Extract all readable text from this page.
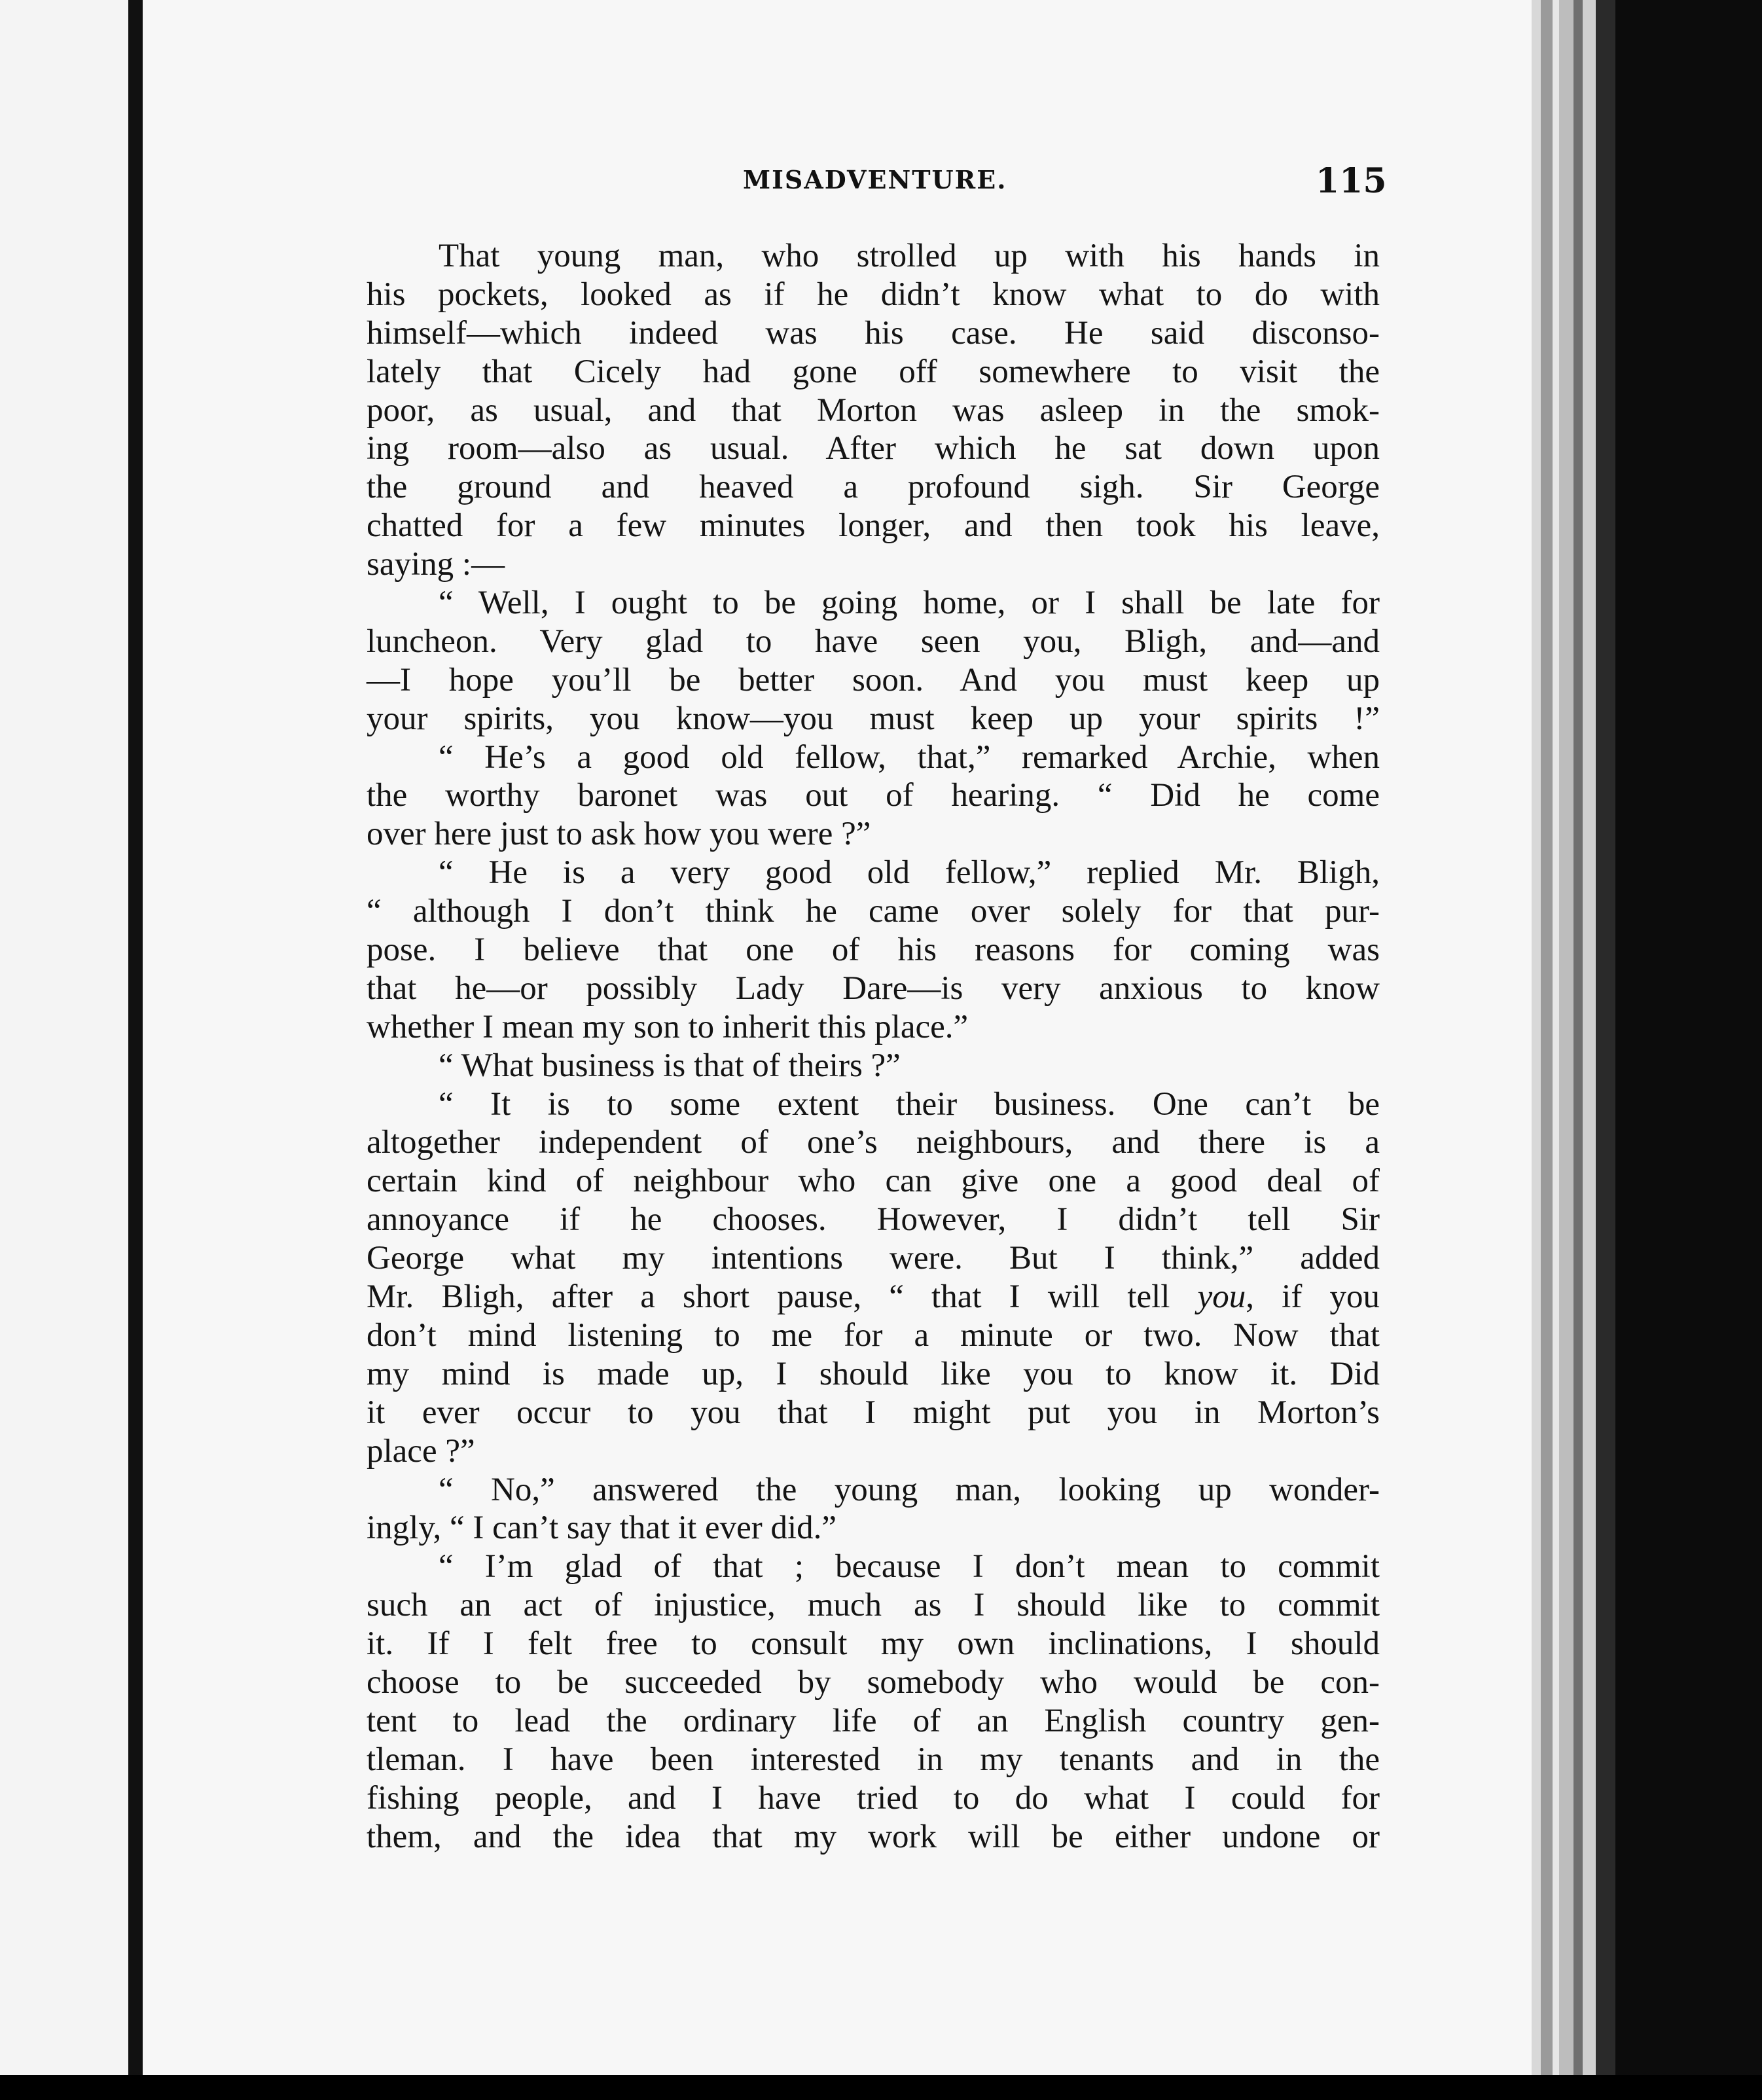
MISADVENTURE.	115
That young man, who strolled up with his hands in
his pockets, looked as if he didn’t know what to do with
himself—which indeed was his case. He said disconso-
lately that Cicely had gone off somewhere to visit the
poor, as usual, and that Morton was asleep in the smok-
ing room—also as usual. After which he sat down upon
the ground and heaved a profound sigh. Sir George
chatted for a few minutes longer, and then took his leave,
saying :—
“ Well, I ought to be going home, or I shall be late for
luncheon. Very glad to have seen you, Bligh, and—and
—I hope you’ll be better soon. And you must keep up
your spirits, you know—you must keep up your spirits !”
“ He’s a good old fellow, that,” remarked Archie, when
the worthy baronet was out of hearing. “ Did he come
over here just to ask how you were ?”
“ He is a very good old fellow,” replied Mr. Bligh,
“ although I don’t think he came over solely for that pur-
pose. I believe that one of his reasons for coming was
that he—or possibly Lady Dare—is very anxious to know
whether I mean my son to inherit this place.”
“ What business is that of theirs ?”
“ It is to some extent their business. One can’t be
altogether independent of one’s neighbours, and there is a
certain kind of neighbour who can give one a good deal of
annoyance if he chooses. However, I didn’t tell Sir
George what my intentions were. But I think,” added
Mr. Bligh, after a short pause, “ that I will tell you, if you
don’t mind listening to me for a minute or two. Now that
my mind is made up, I should like you to know it. Did
it ever occur to you that I might put you in Morton’s
place ?”
“ No,” answered the young man, looking up wonder-
ingly, “ I can’t say that it ever did.”
“ I’m glad of that ; because I don’t mean to commit
such an act of injustice, much as I should like to commit
it. If I felt free to consult my own inclinations, I should
choose to be succeeded by somebody who would be con-
tent to lead the ordinary life of an English country gen-
tleman. I have been interested in my tenants and in the
fishing people, and I have tried to do what I could for
them, and the idea that my work will be either undone or
